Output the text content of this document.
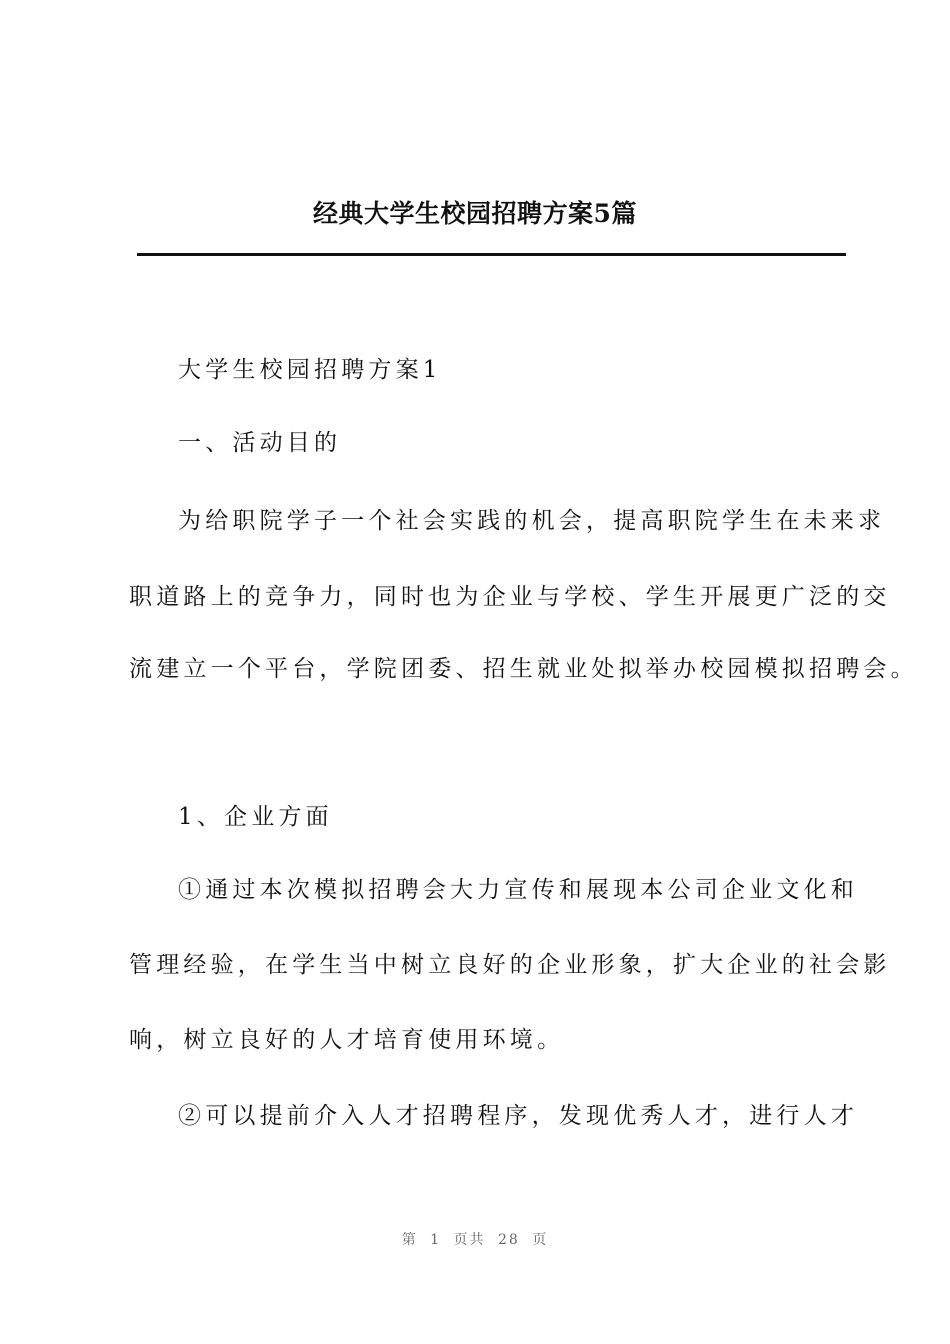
经典大学生校园招聘方案5篇
大学生校园招聘方案1
一、活动目的
为给职院学子一个社会实践的机会，提高职院学生在未来求
职道路上的竞争力，同时也为企业与学校、学生开展更广泛的交
流建立一个平台，学院团委、招生就业处拟举办校园模拟招聘会。
1、企业方面
①通过本次模拟招聘会大力宣传和展现本公司企业文化和
管理经验，在学生当中树立良好的企业形象，扩大企业的社会影
响，树立良好的人才培育使用环境。
②可以提前介入人才招聘程序，发现优秀人才，进行人才
第 1 页共 28 页
